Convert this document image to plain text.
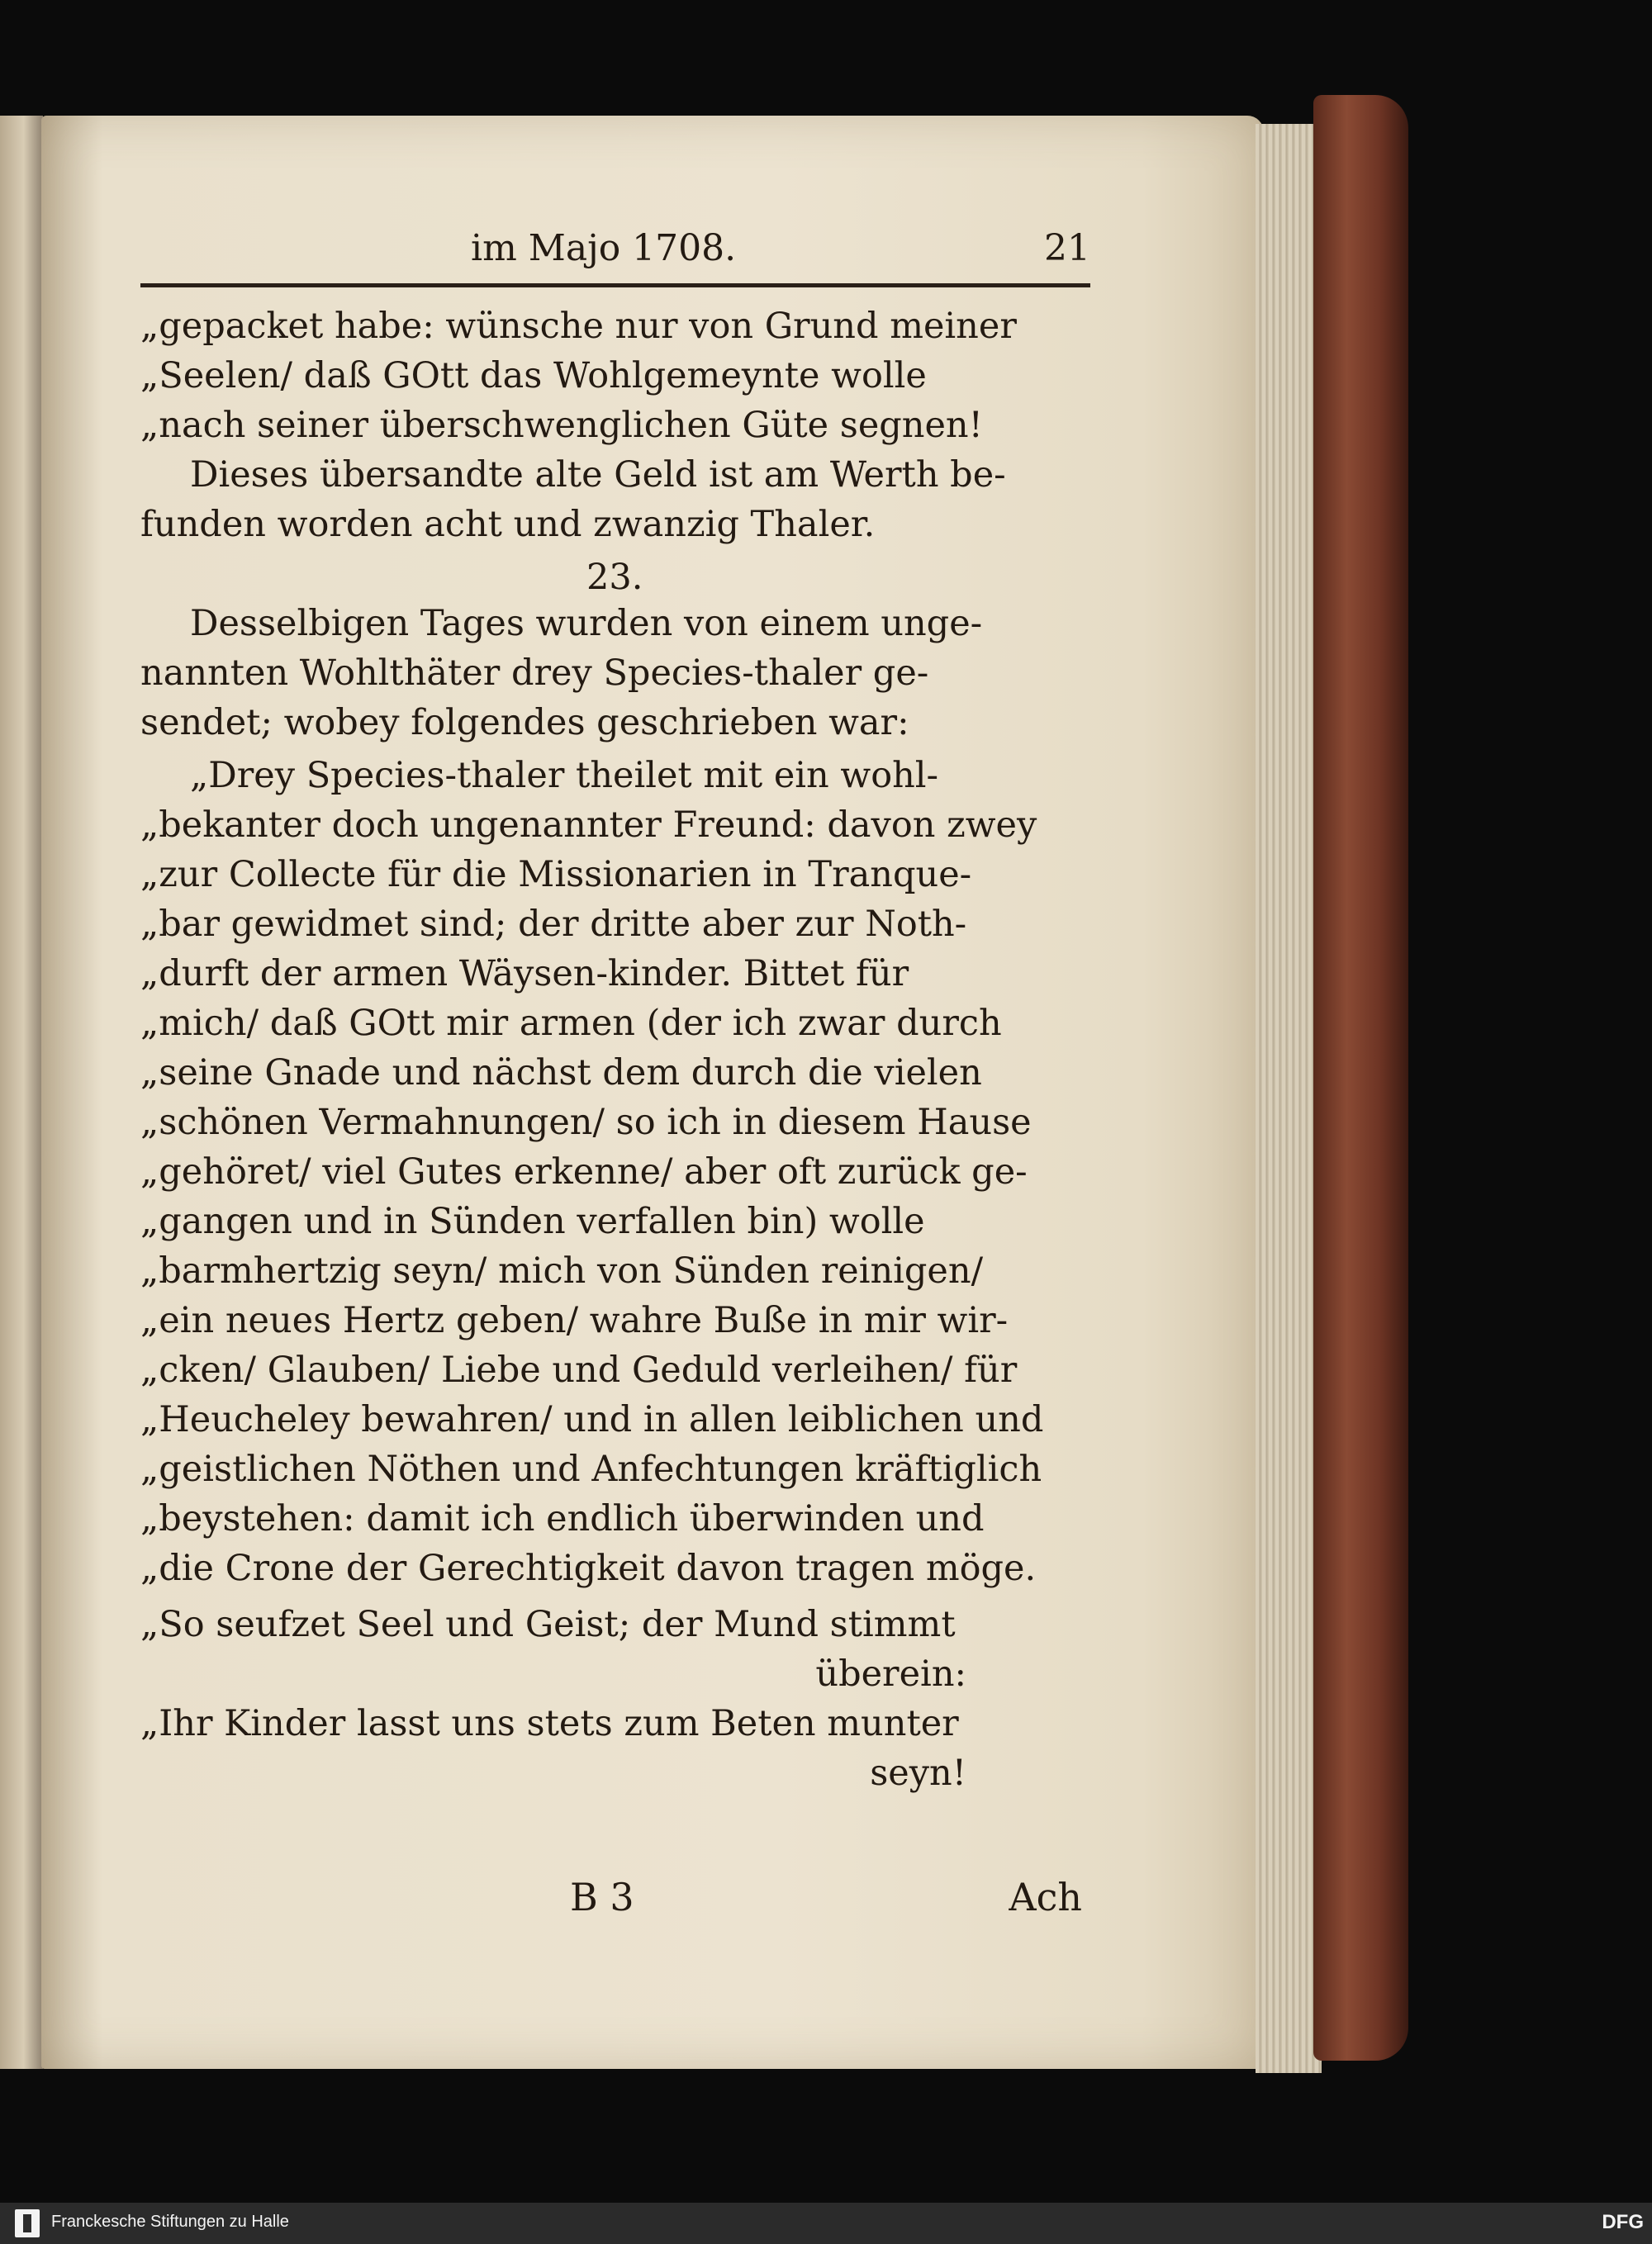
im Majo 1708.	21
„gepacket habe: wünsche nur von Grund meiner
„Seelen/ daß GOtt das Wohlgemeynte wolle
„nach seiner überschwenglichen Güte segnen!
Dieses übersandte alte Geld ist am Werth be-
funden worden acht und zwanzig Thaler.
23.
Desselbigen Tages wurden von einem unge-
nannten Wohlthäter drey Species-thaler ge-
sendet; wobey folgendes geschrieben war:
„Drey Species-thaler theilet mit ein wohl-
„bekanter doch ungenannter Freund: davon zwey
„zur Collecte für die Missionarien in Tranque-
„bar gewidmet sind; der dritte aber zur Noth-
„durft der armen Wäysen-kinder. Bittet für
„mich/ daß GOtt mir armen (der ich zwar durch
„seine Gnade und nächst dem durch die vielen
„schönen Vermahnungen/ so ich in diesem Hause
„gehöret/ viel Gutes erkenne/ aber oft zurück ge-
„gangen und in Sünden verfallen bin) wolle
„barmhertzig seyn/ mich von Sünden reinigen/
„ein neues Hertz geben/ wahre Buße in mir wir-
„cken/ Glauben/ Liebe und Geduld verleihen/ für
„Heucheley bewahren/ und in allen leiblichen und
„geistlichen Nöthen und Anfechtungen kräftiglich
„beystehen: damit ich endlich überwinden und
„die Crone der Gerechtigkeit davon tragen möge.
„So seufzet Seel und Geist; der Mund stimmt
überein:
„Ihr Kinder lasst uns stets zum Beten munter
seyn!
B 3	Ach
Franckesche Stiftungen zu Halle	DFG
